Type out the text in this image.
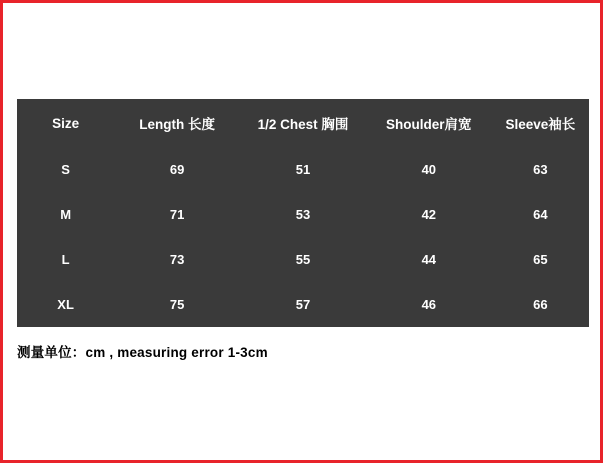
Size	Length 长度	1/2 Chest 胸围	Shoulder肩宽	Sleeve袖长
S	69	51	40	63
M	71	53	42	64
L	73	55	44	65
XL	75	57	46	66
测量单位：cm , measuring error 1-3cm
